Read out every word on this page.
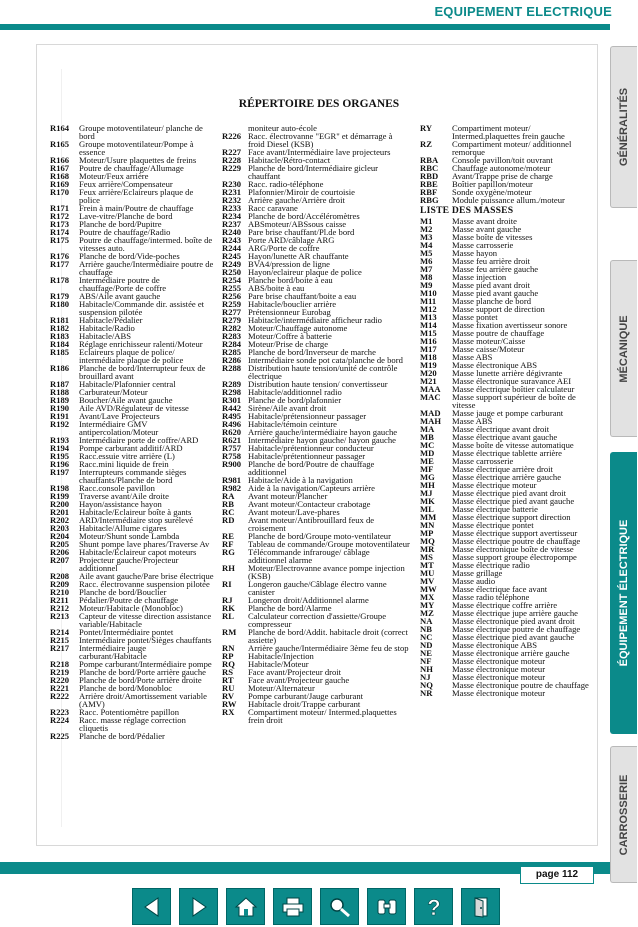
EQUIPEMENT ELECTRIQUE
RÉPERTOIRE DES ORGANES
R164	Groupe motoventilateur/ planche de bord
R165	Groupe motoventilateur/Pompe à essence
R166	Moteur/Usure plaquettes de freins
R167	Poutre de chauffage/Allumage
R168	Moteur/Feux arrière
R169	Feux arrière/Compensateur
R170	Feux arrière/Eclaireurs plaque de police
R171	Frein à main/Poutre de chauffage
R172	Lave-vitre/Planche de bord
R173	Planche de bord/Pupitre
R174	Poutre de chauffage/Radio
R175	Poutre de chauffage/intermed. boîte de vitesses auto.
R176	Planche de bord/Vide-poches
R177	Arrière gauche/Intermédiaire poutre de chauffage
R178	Intermédiaire poutre de chauffage/Porte de coffre
R179	ABS/Aile avant gauche
R180	Habitacle/Commande dir. assistée et suspension pilotée
R181	Habitacle/Pédalier
R182	Habitacle/Radio
R183	Habitacle/ABS
R184	Réglage enrichisseur ralenti/Moteur
R185	Eclaireurs plaque de police/ intermédiaire plaque de police
R186	Planche de bord/Interrupteur feux de brouillard avant
R187	Habitacle/Plafonnier central
R188	Carburateur/Moteur
R189	Boucher/Aile avant gauche
R190	Aile AVD/Régulateur de vitesse
R191	Avant/Lave Projecteurs
R192	Intermédiaire GMV antipercolation/Moteur
R193	Intermédiaire porte de coffre/ARD
R194	Pompe carburant additif/ARD
R195	Racc.essuie vitre arrière (L)
R196	Racc.mini liquide de frein
R197	Interrupteurs commande sièges chauffants/Planche de bord
R198	Racc.console pavillon
R199	Traverse avant/Aile droite
R200	Hayon/assistance hayon
R201	Habitacle/Eclaireur boîte à gants
R202	ARD/Intermédiaire stop surélevé
R203	Habitacle/Allume cigares
R204	Moteur/Shunt sonde Lambda
R205	Shunt pompe lave phares/Traverse Av
R206	Habitacle/Eclaireur capot moteurs
R207	Projecteur gauche/Projecteur additionnel
R208	Aile avant gauche/Pare brise électrique
R209	Racc. électrovanne suspension pilotée
R210	Planche de bord/Bouclier
R211	Pédalier/Poutre de chauffage
R212	Moteur/Habitacle (Monobloc)
R213	Capteur de vitesse direction assistance variable/Habitacle
R214	Pontet/Intermédiaire pontet
R215	Intermédiaire pontet/Sièges chauffants
R217	Intermédiaire jauge carburant/Habitacle
R218	Pompe carburant/Intermédiaire pompe
R219	Planche de bord/Porte arrière gauche
R220	Planche de bord/Porte arrière droite
R221	Planche de bord/Monobloc
R222	Arrière droit/Amortissement variable (AMV)
R223	Racc. Potentiomètre papillon
R224	Racc. masse réglage correction cliquetis
R225	Planche de bord/Pédalier
moniteur auto-école
R226 Racc. électrovanne "EGR" et démarrage à froid Diesel (KSB)
R227 Face avant/Intermédiaire lave projecteurs
R228 Habitacle/Rétro-contact
R229 Planche de bord/Intermédiaire gicleur chauffant
R230 Racc. radio-téléphone
R231 Plafonnier/Miroir de courtoisie
R232 Arrière gauche/Arrière droit
R233 Racc caravane
R234 Planche de bord/Accéléromètres
R237 ABSmoteur/ABSsous caisse
R240 Pare brise chauffant/Pl.de bord
R243 Porte ARD/câblage ARG
R244 ARG/Porte de coffre
R245 Hayon/lunette AR chauffante
R249 BVA4/pression de ligne
R250 Hayon/eclaireur plaque de police
R254 Planche bord/boite à eau
R255 ABS/boite à eau
R256 Pare brise chauffant/boite a eau
R259 Habitacle/bouclier arrière
R277 Prétensionneur Eurobag
R279 Habitacle/intermédiaire afficheur radio
R282 Moteur/Chauffage autonome
R283 Moteur/Coffre à batterie
R284 Moteur/Prise de charge
R285 Planche de bord/Inverseur de marche
R286 Intermédiaire sonde pot cata/planche de bord
R288 Distribution haute tension/unité de contrôle électrique
R289 Distribution haute tension/ convertisseur
R298 Habitacle/additionnel radio
R301 Planche de bord/plafonnier
R442 Sirène/Aile avant droit
R495 Habitacle/prétensionneur passager
R496 Habitacle/témoin ceinture
R620 Arrière gauche/intermédiaire hayon gauche
R621 Intermédiaire hayon gauche/ hayon gauche
R757 Habitacle/prétentionneur conducteur
R758 Habitacle/prétentionneur passager
R900 Planche de bord/Poutre de chauffage additionnel
R981 Habitacle/Aide à la navigation
R982 Aide à la navigation/Capteurs arrière
RA	Avant moteur/Plancher
RB	Avant moteur/Contacteur crabotage
RC	Avant moteur/Lave-phares
RD	Avant moteur/Antibrouillard feux de croisement
RE	Planche de bord/Groupe moto-ventilateur
RF	Tableau de commande/Groupe motoventilateur
RG	Télécommande infrarouge/ câblage additionnel alarme
RH	Moteur/Electrovanne avance pompe injection (KSB)
RI	Longeron gauche/Câblage électro vanne canister
RJ	Longeron droit/Additionnel alarme
RK	Planche de bord/Alarme
RL	Calculateur correction d'assiette/Groupe compresseur
RM	Planche de bord/Addit. habitacle droit (correct assiette)
RN	Arrière gauche/Intermédiaire 3ème feu de stop
RP	Habitacle/Injection
RQ	Habitacle/Moteur
RS	Face avant/Projecteur droit
RT	Face avant/Projecteur gauche
RU	Moteur/Alternateur
RV	Pompe carburant/Jauge carburant
RW	Habitacle droit/Trappe carburant
RX	Compartiment moteur/ Intermed.plaquettes frein droit
RY	Compartiment moteur/ Intermed.plaquettes frein gauche
RZ	Compartiment moteur/ additionnel remorque
RBA	Console pavillon/toit ouvrant
RBC	Chauffage autonome/moteur
RBD	Avant/Trappe prise de charge
RBE	Boîtier papillon/moteur
RBF	Sonde oxygène/moteur
RBG	Module puissance allum./moteur
LISTE DES MASSES
M1	Masse avant droite
M2	Masse avant gauche
M3	Masse boîte de vitesses
M4	Masse carrosserie
M5	Masse hayon
M6	Masse feu arrière droit
M7	Masse feu arrière gauche
M8	Masse injection
M9	Masse pied avant droit
M10	Masse pied avant gauche
M11	Masse planche de bord
M12	Masse support de direction
M13	Masse pontet
M14	Masse fixation avertisseur sonore
M15	Masse poutre de chauffage
M16	Masse moteur/Caisse
M17	Masse caisse/Moteur
M18	Masse ABS
M19	Masse électronique ABS
M20	Masse lunette arrière dégivrante
M21	Masse électronique suravance AEI
MAA	Masse électrique boîtier calculateur
MAC	Masse support supérieur de boîte de vitesse
MAD	Masse jauge et pompe carburant
MAH	Masse ABS
MA	Masse électrique avant droit
MB	Masse électrique avant gauche
MC	Masse boîte de vitesse automatique
MD	Masse électrique tablette arrière
ME	Masse carrosserie
MF	Masse électrique arrière droit
MG	Masse électrique arrière gauche
MH	Masse électrique moteur
MJ	Masse électrique pied avant droit
MK	Masse électrique pied avant gauche
ML	Masse électrique batterie
MM	Masse électrique support direction
MN	Masse électrique pontet
MP	Masse électrique support avertisseur
MQ	Masse électrique poutre de chauffage
MR	Masse électronique boîte de vitesse
MS	Masse support groupe électropompe
MT	Masse électrique radio
MU	Masse grillage
MV	Masse audio
MW	Masse électrique face avant
MX	Masse radio téléphone
MY	Masse électrique coffre arrière
MZ	Masse électrique jupe arrière gauche
NA	Masse électronique pied avant droit
NB	Masse électrique poutre de chauffage
NC	Masse électrique pied avant gauche
ND	Masse électronique ABS
NE	Masse électronique arrière gauche
NF	Masse électronique moteur
NH	Masse électronique moteur
NJ	Masse électronique moteur
NQ	Masse électronique poutre de chauffage
NR	Masse électronique moteur
GÉNÉRALITÉS
MÉCANIQUE
ÉQUIPEMENT ÉLECTRIQUE
CARROSSERIE
page 112
?
